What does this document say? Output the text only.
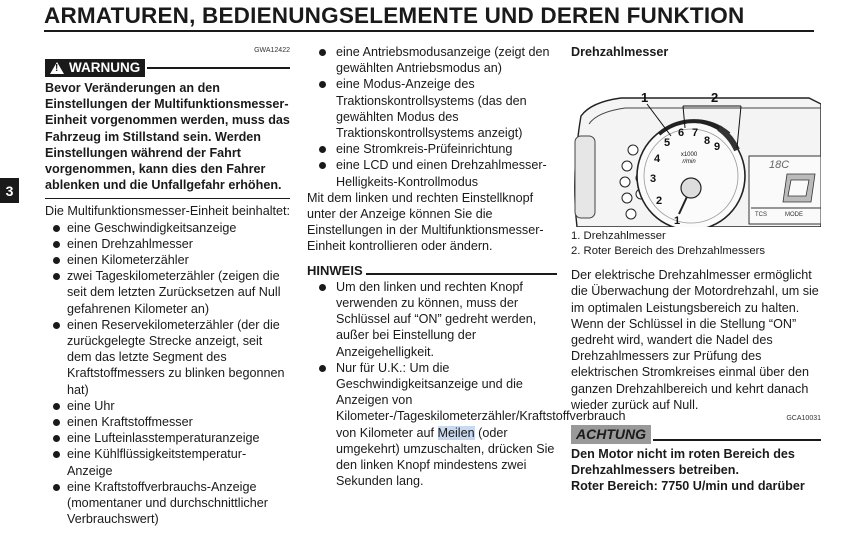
ARMATUREN, BEDIENUNGSELEMENTE UND DEREN FUNKTION
3
GWA12422
! WARNUNG
Bevor Veränderungen an den Einstellungen der Multifunktionsmesser-Einheit vorgenommen werden, muss das Fahrzeug im Stillstand sein. Werden Einstellungen während der Fahrt vorgenommen, kann dies den Fahrer ablenken und die Unfallgefahr erhöhen.
Die Multifunktionsmesser-Einheit beinhaltet:
eine Geschwindigkeitsanzeige
einen Drehzahlmesser
einen Kilometerzähler
zwei Tageskilometerzähler (zeigen die seit dem letzten Zurücksetzen auf Null gefahrenen Kilometer an)
einen Reservekilometerzähler (der die zurückgelegte Strecke anzeigt, seit dem das letzte Segment des Kraftstoffmessers zu blinken begonnen hat)
eine Uhr
einen Kraftstoffmesser
eine Lufteinlasstemperaturanzeige
eine Kühlflüssigkeitstemperatur-Anzeige
eine Kraftstoffverbrauchs-Anzeige (momentaner und durchschnittlicher Verbrauchswert)
eine Antriebsmodusanzeige (zeigt den gewählten Antriebsmodus an)
eine Modus-Anzeige des Traktionskontrollsystems (das den gewählten Modus des Traktionskontrollsystems anzeigt)
eine Stromkreis-Prüfeinrichtung
eine LCD und einen Drehzahlmesser-Helligkeits-Kontrollmodus
Mit dem linken und rechten Einstellknopf unter der Anzeige können Sie die Einstellungen in der Multifunktionsmesser-Einheit kontrollieren oder ändern.
HINWEIS
Um den linken und rechten Knopf verwenden zu können, muss der Schlüssel auf “ON” gedreht werden, außer bei Einstellung der Anzeigehelligkeit.
Nur für U.K.: Um die Geschwindigkeitsanzeige und die Anzeigen von Kilometer-/Tageskilometerzähler/Kraftstoffverbrauch von Kilometer auf Meilen (oder umgekehrt) umzuschalten, drücken Sie den linken Knopf mindestens zwei Sekunden lang.
Drehzahlmesser
1
2
3
4
5
6 7
8 9
x1000
r/min	18C
TCS	MODE
1	2
1. Drehzahlmesser
2. Roter Bereich des Drehzahlmessers
Der elektrische Drehzahlmesser ermöglicht die Überwachung der Motordrehzahl, um sie im optimalen Leistungsbereich zu halten.
Wenn der Schlüssel in die Stellung “ON” gedreht wird, wandert die Nadel des Drehzahlmessers zur Prüfung des elektrischen Stromkreises einmal über den ganzen Drehzahlbereich und kehrt danach wieder zurück auf Null.
GCA10031
ACHTUNG
Den Motor nicht im roten Bereich des Drehzahlmessers betreiben.
Roter Bereich: 7750 U/min und darüber
